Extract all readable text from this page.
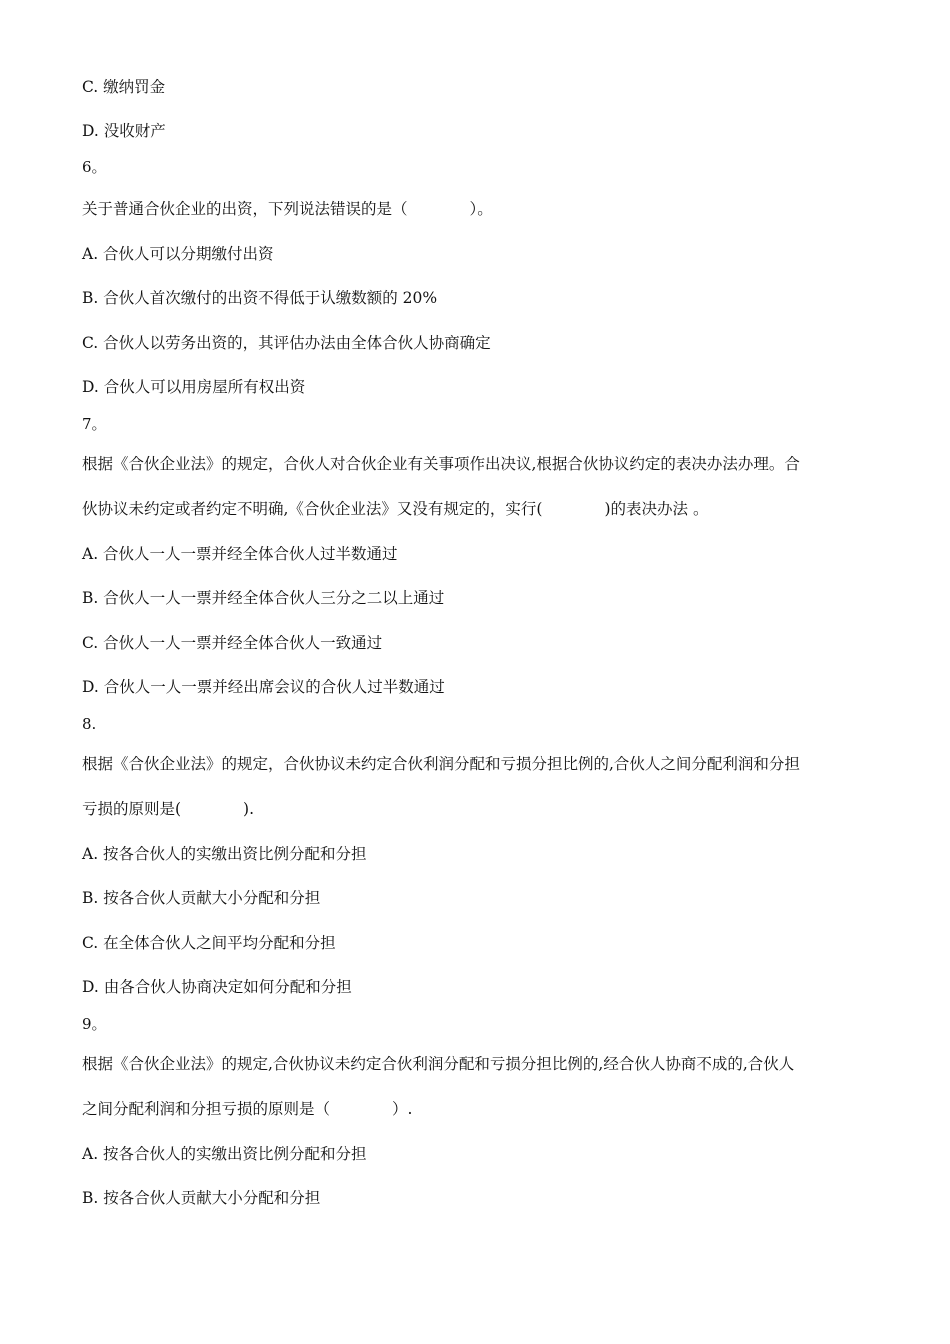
C. 缴纳罚金
D. 没收财产
6。
关于普通合伙企业的出资，下列说法错误的是（　　　　）。
A. 合伙人可以分期缴付出资
B. 合伙人首次缴付的出资不得低于认缴数额的 20%
C. 合伙人以劳务出资的，其评估办法由全体合伙人协商确定
D. 合伙人可以用房屋所有权出资
7。
根据《合伙企业法》的规定，合伙人对合伙企业有关事项作出决议,根据合伙协议约定的表决办法办理。合
伙协议未约定或者约定不明确,《合伙企业法》又没有规定的，实行(　　　　)的表决办法 。
A. 合伙人一人一票并经全体合伙人过半数通过
B. 合伙人一人一票并经全体合伙人三分之二以上通过
C. 合伙人一人一票并经全体合伙人一致通过
D. 合伙人一人一票并经出席会议的合伙人过半数通过
8.
根据《合伙企业法》的规定，合伙协议未约定合伙利润分配和亏损分担比例的,合伙人之间分配利润和分担
亏损的原则是(　　　　).
A. 按各合伙人的实缴出资比例分配和分担
B. 按各合伙人贡献大小分配和分担
C. 在全体合伙人之间平均分配和分担
D. 由各合伙人协商决定如何分配和分担
9。
根据《合伙企业法》的规定,合伙协议未约定合伙利润分配和亏损分担比例的,经合伙人协商不成的,合伙人
之间分配利润和分担亏损的原则是（　　　　）.
A. 按各合伙人的实缴出资比例分配和分担
B. 按各合伙人贡献大小分配和分担
